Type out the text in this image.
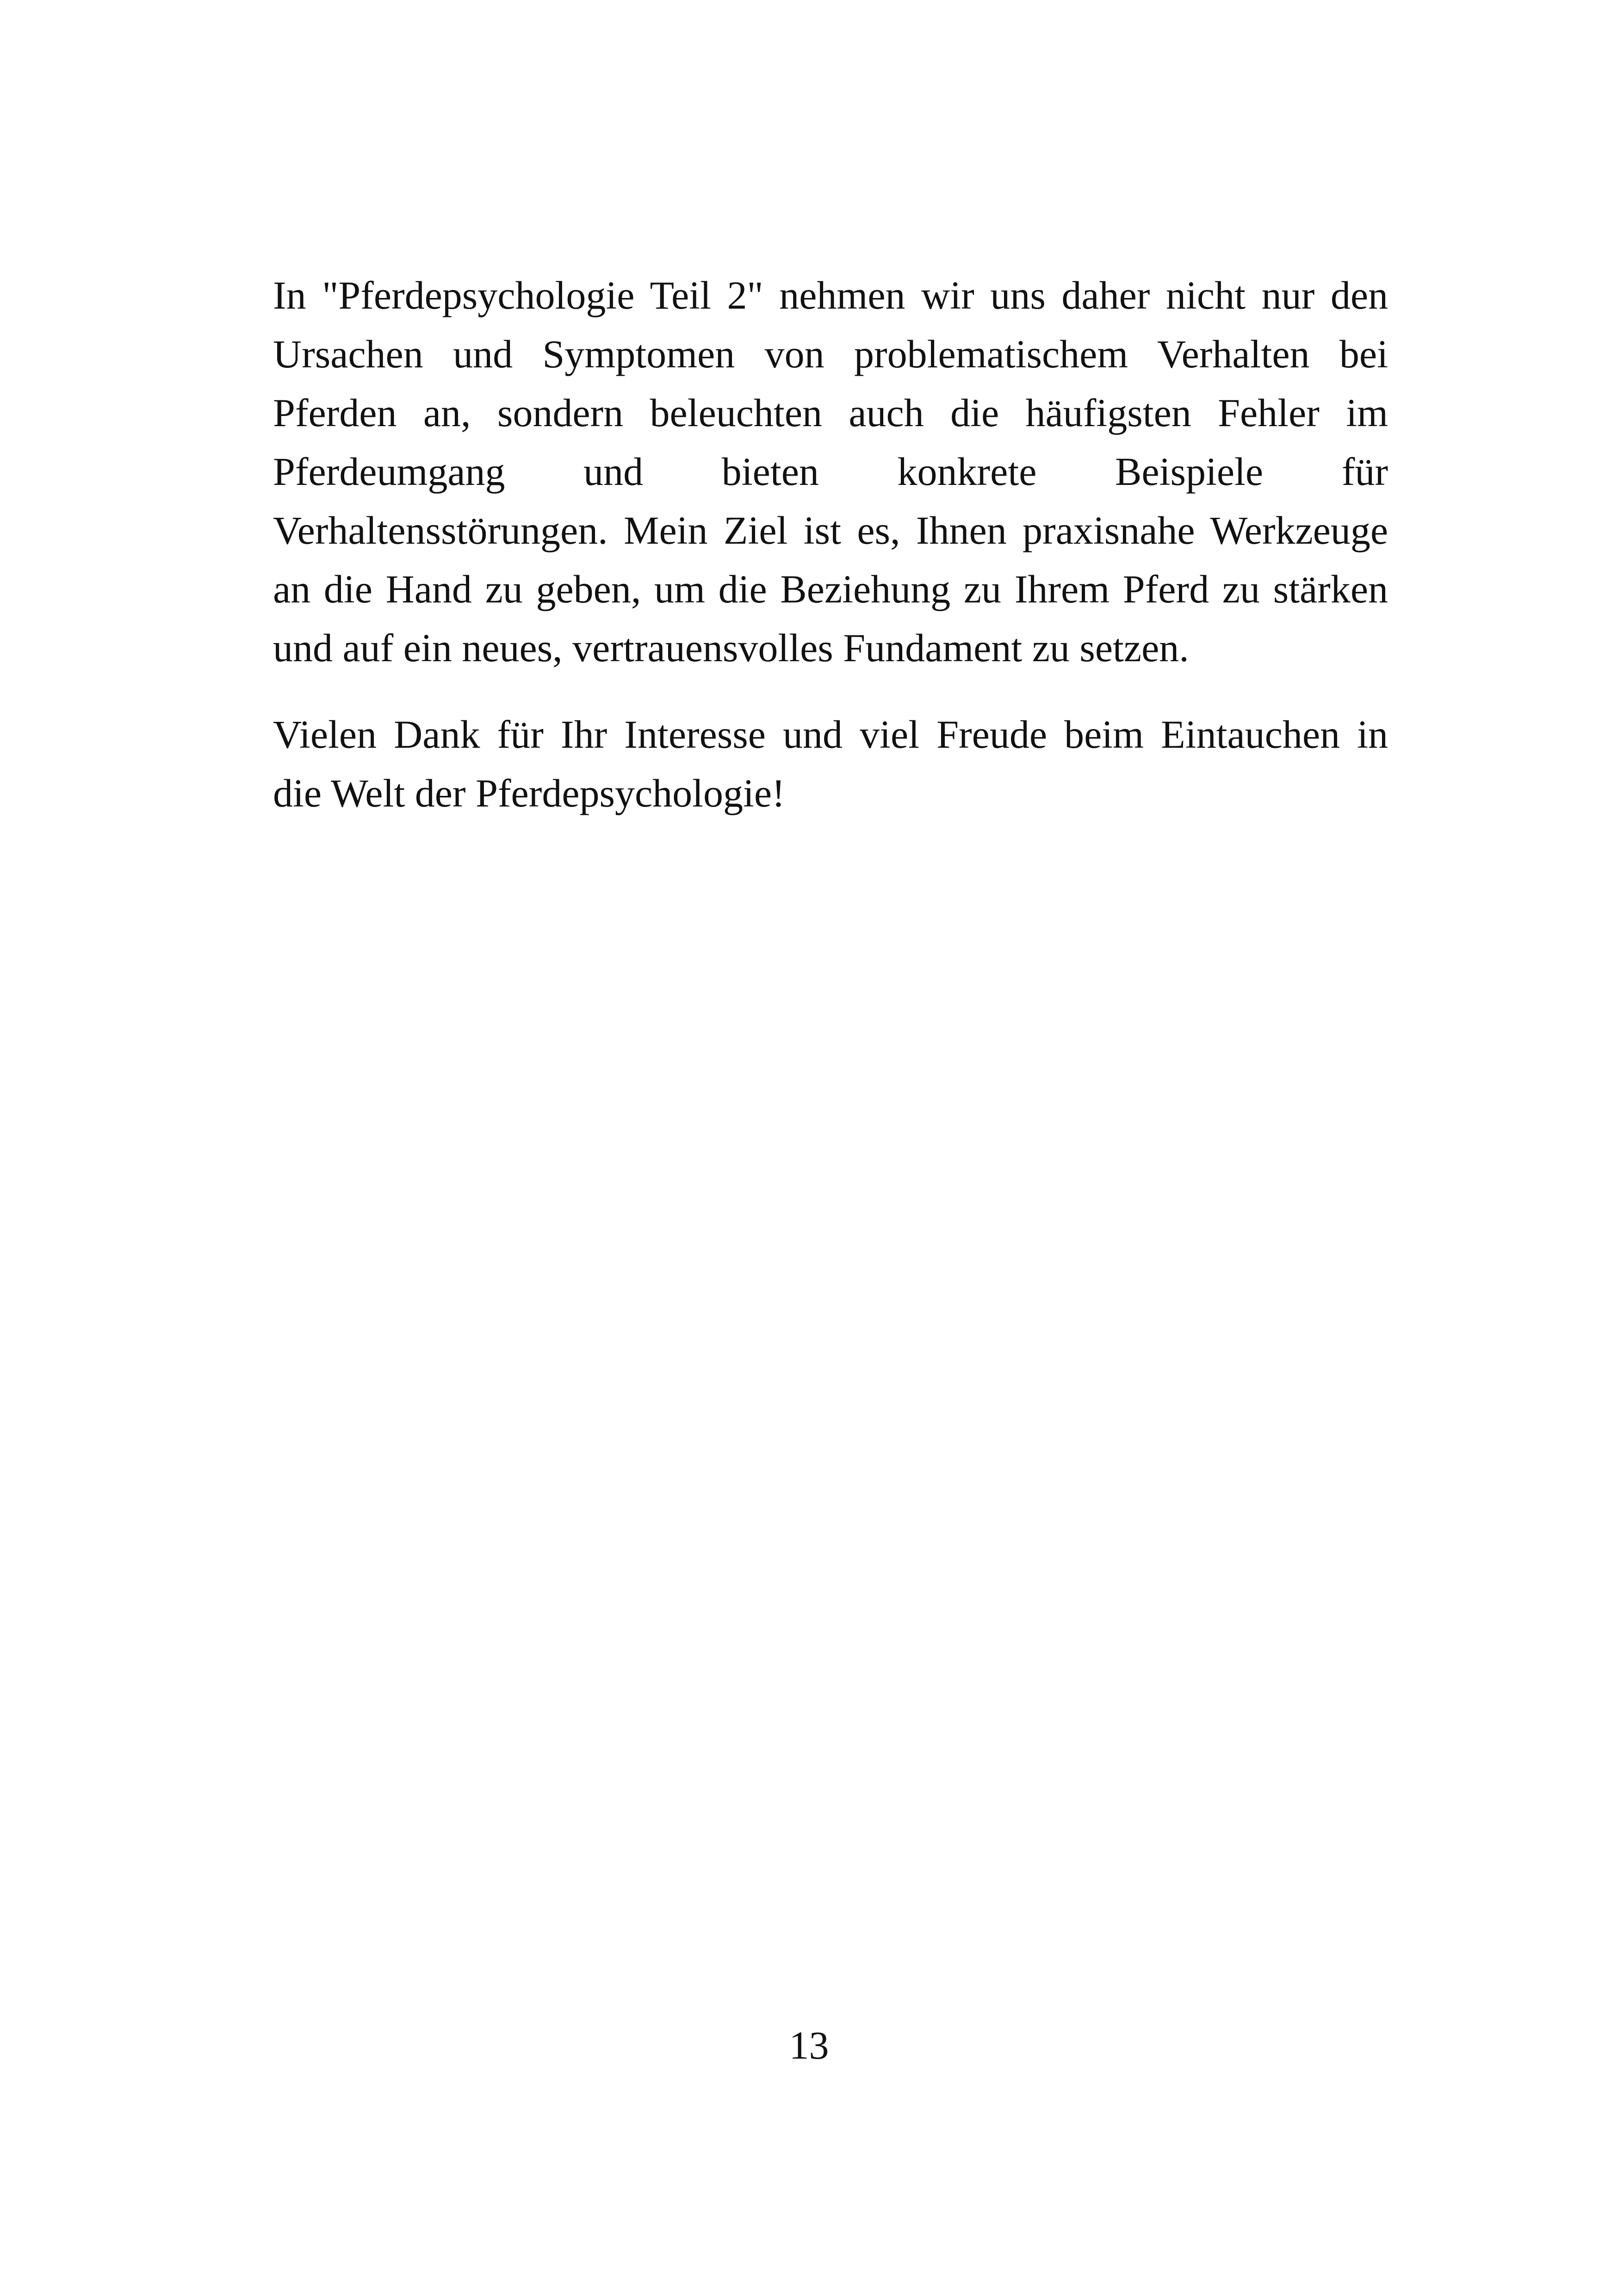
In "Pferdepsychologie Teil 2" nehmen wir uns daher nicht nur den
Ursachen und Symptomen von problematischem Verhalten bei
Pferden an, sondern beleuchten auch die häufigsten Fehler im
Pferdeumgang und bieten konkrete Beispiele für
Verhaltensstörungen. Mein Ziel ist es, Ihnen praxisnahe Werkzeuge
an die Hand zu geben, um die Beziehung zu Ihrem Pferd zu stärken
und auf ein neues, vertrauensvolles Fundament zu setzen.
Vielen Dank für Ihr Interesse und viel Freude beim Eintauchen in
die Welt der Pferdepsychologie!
13
